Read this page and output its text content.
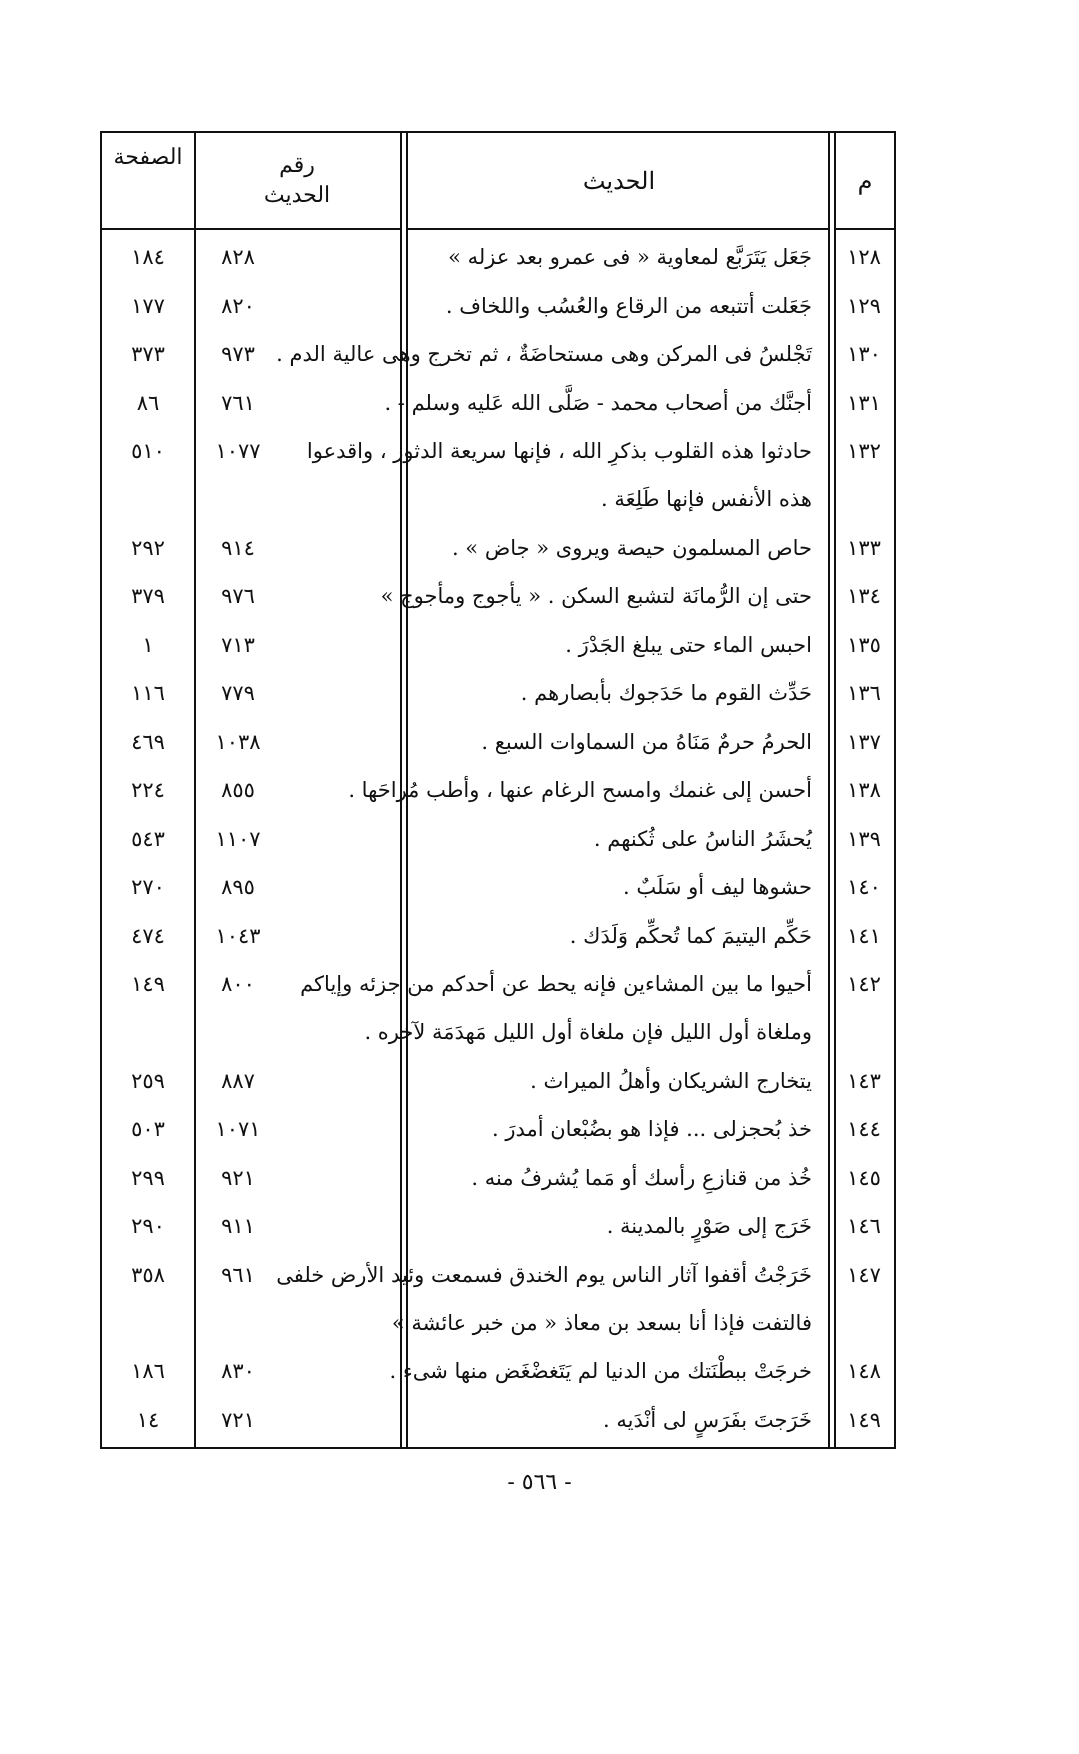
م
الحديث
رقم الحديث
الصفحة
١٢٨
جَعَل يَتَرَبَّع لمعاوية « فى عمرو بعد عزله »
٨٢٨
١٨٤
١٢٩
جَعَلت أتتبعه من الرقاع والعُسُب واللخاف .
٨٢٠
١٧٧
١٣٠
تَجْلسُ فى المركن وهى مستحاضَةٌ ، ثم تخرج وهى عالية الدم .
٩٧٣
٣٧٣
١٣١
أجنَّك من أصحاب محمد - صَلَّى الله عَليه وسلم - .
٧٦١
٨٦
١٣٢
حادثوا هذه القلوب بذكرِ الله ، فإنها سريعة الدثور ، واقدعوا
١٠٧٧
٥١٠
هذه الأنفس فإنها طَلِعَة .
١٣٣
حاص المسلمون حيصة ويروى « جاض » .
٩١٤
٢٩٢
١٣٤
حتى إن الرُّمانَة لتشبع السكن . « يأجوج ومأجوج »
٩٧٦
٣٧٩
١٣٥
احبس الماء حتى يبلغ الجَدْرَ .
٧١٣
١
١٣٦
حَدِّث القوم ما حَدَجوك بأبصارهم .
٧٧٩
١١٦
١٣٧
الحرمُ حرمٌ مَنَاهُ من السماوات السبع .
١٠٣٨
٤٦٩
١٣٨
أحسن إلى غنمك وامسح الرغام عنها ، وأطب مُراحَها .
٨٥٥
٢٢٤
١٣٩
يُحشَرُ الناسُ على ثُكنهم .
١١٠٧
٥٤٣
١٤٠
حشوها ليف أو سَلَبٌ .
٨٩٥
٢٧٠
١٤١
حَكِّم اليتيمَ كما تُحكِّم وَلَدَك .
١٠٤٣
٤٧٤
١٤٢
أحيوا ما بين المشاءين فإنه يحط عن أحدكم من جزئه وإياكم
٨٠٠
١٤٩
وملغاة أول الليل فإن ملغاة أول الليل مَهدَمَة لآخره .
١٤٣
يتخارج الشريكان وأهلُ الميراث .
٨٨٧
٢٥٩
١٤٤
خذ بُحجزلى ... فإذا هو بضُبْعان أمدرَ .
١٠٧١
٥٠٣
١٤٥
خُذ من قنازعِ رأسك أو مَما يُشرفُ منه .
٩٢١
٢٩٩
١٤٦
خَرَج إلى صَوْرٍ بالمدينة .
٩١١
٢٩٠
١٤٧
خَرَجْتُ أقفوا آثار الناس يوم الخندق فسمعت وئيد الأرض خلفى
٩٦١
٣٥٨
فالتفت فإذا أنا بسعد بن معاذ « من خبر عائشة »
١٤٨
خرجَتْ ببطْنَتك من الدنيا لم يَتَغضْغَض منها شىء .
٨٣٠
١٨٦
١٤٩
خَرَجتَ بفَرَسٍ لى أنْدَيه .
٧٢١
١٤
- ٥٦٦ -
